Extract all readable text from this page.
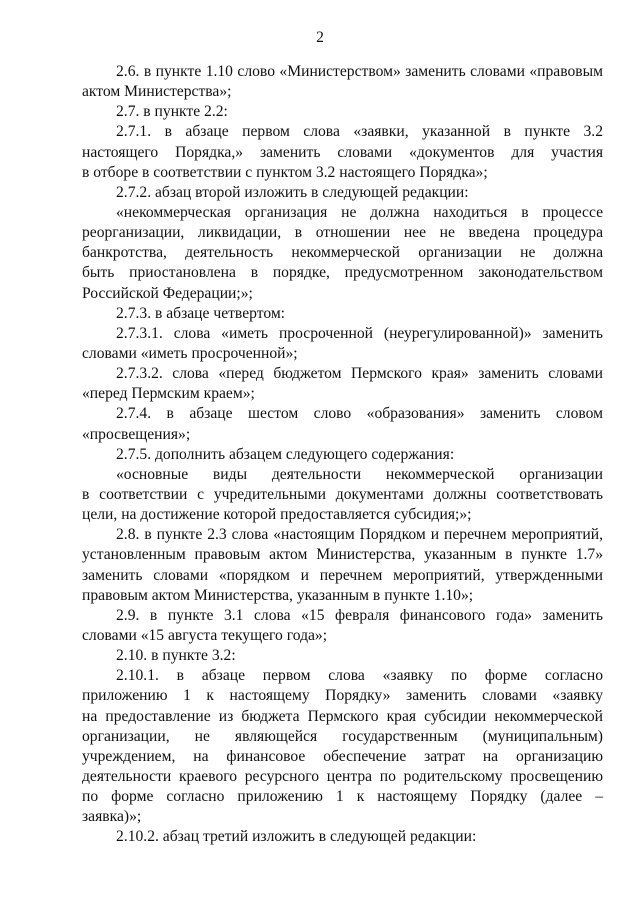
2
2.6. в пункте 1.10 слово «Министерством» заменить словами «правовым
актом Министерства»;
2.7. в пункте 2.2:
2.7.1. в абзаце первом слова «заявки, указанной в пункте 3.2
настоящего Порядка,» заменить словами «документов для участия
в отборе в соответствии с пунктом 3.2 настоящего Порядка»;
2.7.2. абзац второй изложить в следующей редакции:
«некоммерческая организация не должна находиться в процессе
реорганизации, ликвидации, в отношении нее не введена процедура
банкротства, деятельность некоммерческой организации не должна
быть приостановлена в порядке, предусмотренном законодательством
Российской Федерации;»;
2.7.3. в абзаце четвертом:
2.7.3.1. слова «иметь просроченной (неурегулированной)» заменить
словами «иметь просроченной»;
2.7.3.2. слова «перед бюджетом Пермского края» заменить словами
«перед Пермским краем»;
2.7.4. в абзаце шестом слово «образования» заменить словом
«просвещения»;
2.7.5. дополнить абзацем следующего содержания:
«основные виды деятельности некоммерческой организации
в соответствии с учредительными документами должны соответствовать
цели, на достижение которой предоставляется субсидия;»;
2.8. в пункте 2.3 слова «настоящим Порядком и перечнем мероприятий,
установленным правовым актом Министерства, указанным в пункте 1.7»
заменить словами «порядком и перечнем мероприятий, утвержденными
правовым актом Министерства, указанным в пункте 1.10»;
2.9. в пункте 3.1 слова «15 февраля финансового года» заменить
словами «15 августа текущего года»;
2.10. в пункте 3.2:
2.10.1. в абзаце первом слова «заявку по форме согласно
приложению 1 к настоящему Порядку» заменить словами «заявку
на предоставление из бюджета Пермского края субсидии некоммерческой
организации, не являющейся государственным (муниципальным)
учреждением, на финансовое обеспечение затрат на организацию
деятельности краевого ресурсного центра по родительскому просвещению
по форме согласно приложению 1 к настоящему Порядку (далее –
заявка)»;
2.10.2. абзац третий изложить в следующей редакции:
